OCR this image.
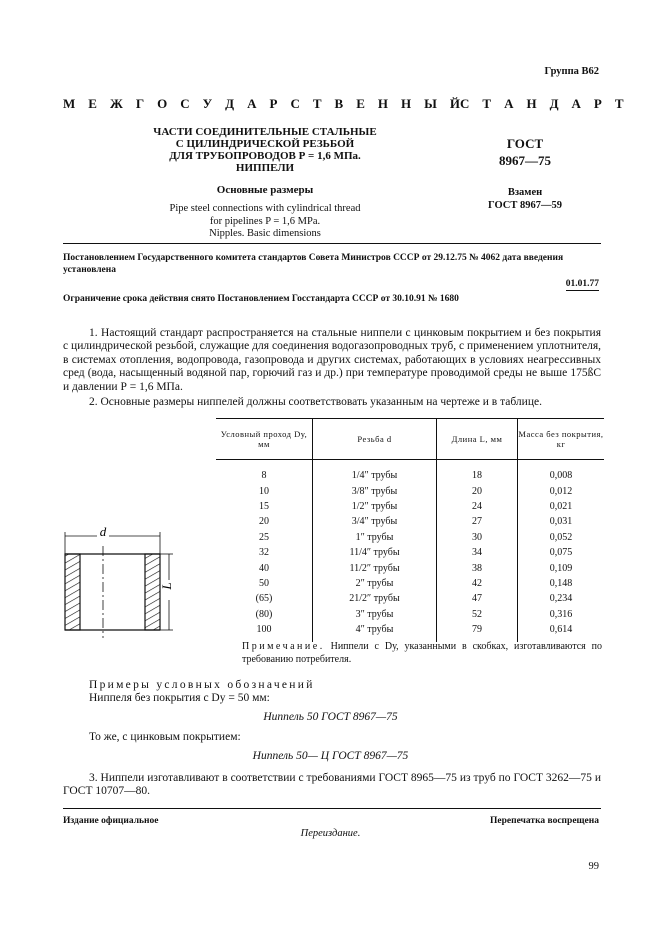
Группа В62
М Е Ж Г О С У Д А Р С Т В Е Н Н Ы Й С Т А Н Д А Р Т
ЧАСТИ СОЕДИНИТЕЛЬНЫЕ СТАЛЬНЫЕ
С ЦИЛИНДРИЧЕСКОЙ РЕЗЬБОЙ
ДЛЯ ТРУБОПРОВОДОВ Р = 1,6 МПа.
НИППЕЛИ
Основные размеры
Pipe steel connections with cylindrical thread
for pipelines P = 1,6 MPa.
Nipples. Basic dimensions
ГОСТ
8967—75
Взамен
ГОСТ 8967—59
Постановлением Государственного комитета стандартов Совета Министров СССР от 29.12.75 № 4062 дата введения установлена
01.01.77
Ограничение срока действия снято Постановлением Госстандарта СССР от 30.10.91 № 1680
1. Настоящий стандарт распространяется на стальные ниппели с цинковым покрытием и без покрытия с цилиндрической резьбой, служащие для соединения водогазопроводных труб, с применением уплотнителя, в системах отопления, водопровода, газопровода и других системах, работающих в условиях неагрессивных сред (вода, насыщенный водяной пар, горючий газ и др.) при температуре проводимой среды не выше 175ßС и давлении Р = 1,6 МПа.
2. Основные размеры ниппелей должны соответствовать указанным на чертеже и в таблице.
d
L
Условный проход Dу, мм	Резьба d	Длина L, мм	Масса без покрытия, кг
8	1/4″ трубы	18	0,008
10	3/8″ трубы	20	0,012
15	1/2″ трубы	24	0,021
20	3/4″ трубы	27	0,031
25	1″ трубы	30	0,052
32	11/4″ трубы	34	0,075
40	11/2″ трубы	38	0,109
50	2″ трубы	42	0,148
(65)	21/2″ трубы	47	0,234
(80)	3″ трубы	52	0,316
100	4″ трубы	79	0,614
Примечание. Ниппели с Dу, указанными в скобках, изготавливаются по требованию потребителя.
Примеры условных обозначений
Ниппеля без покрытия с Dу = 50 мм:
Ниппель 50 ГОСТ 8967—75
То же, с цинковым покрытием:
Ниппель 50— Ц ГОСТ 8967—75
3. Ниппели изготавливают в соответствии с требованиями ГОСТ 8965—75 из труб по ГОСТ 3262—75 и ГОСТ 10707—80.
Издание официальное	Перепечатка воспрещена
Переиздание.
99
